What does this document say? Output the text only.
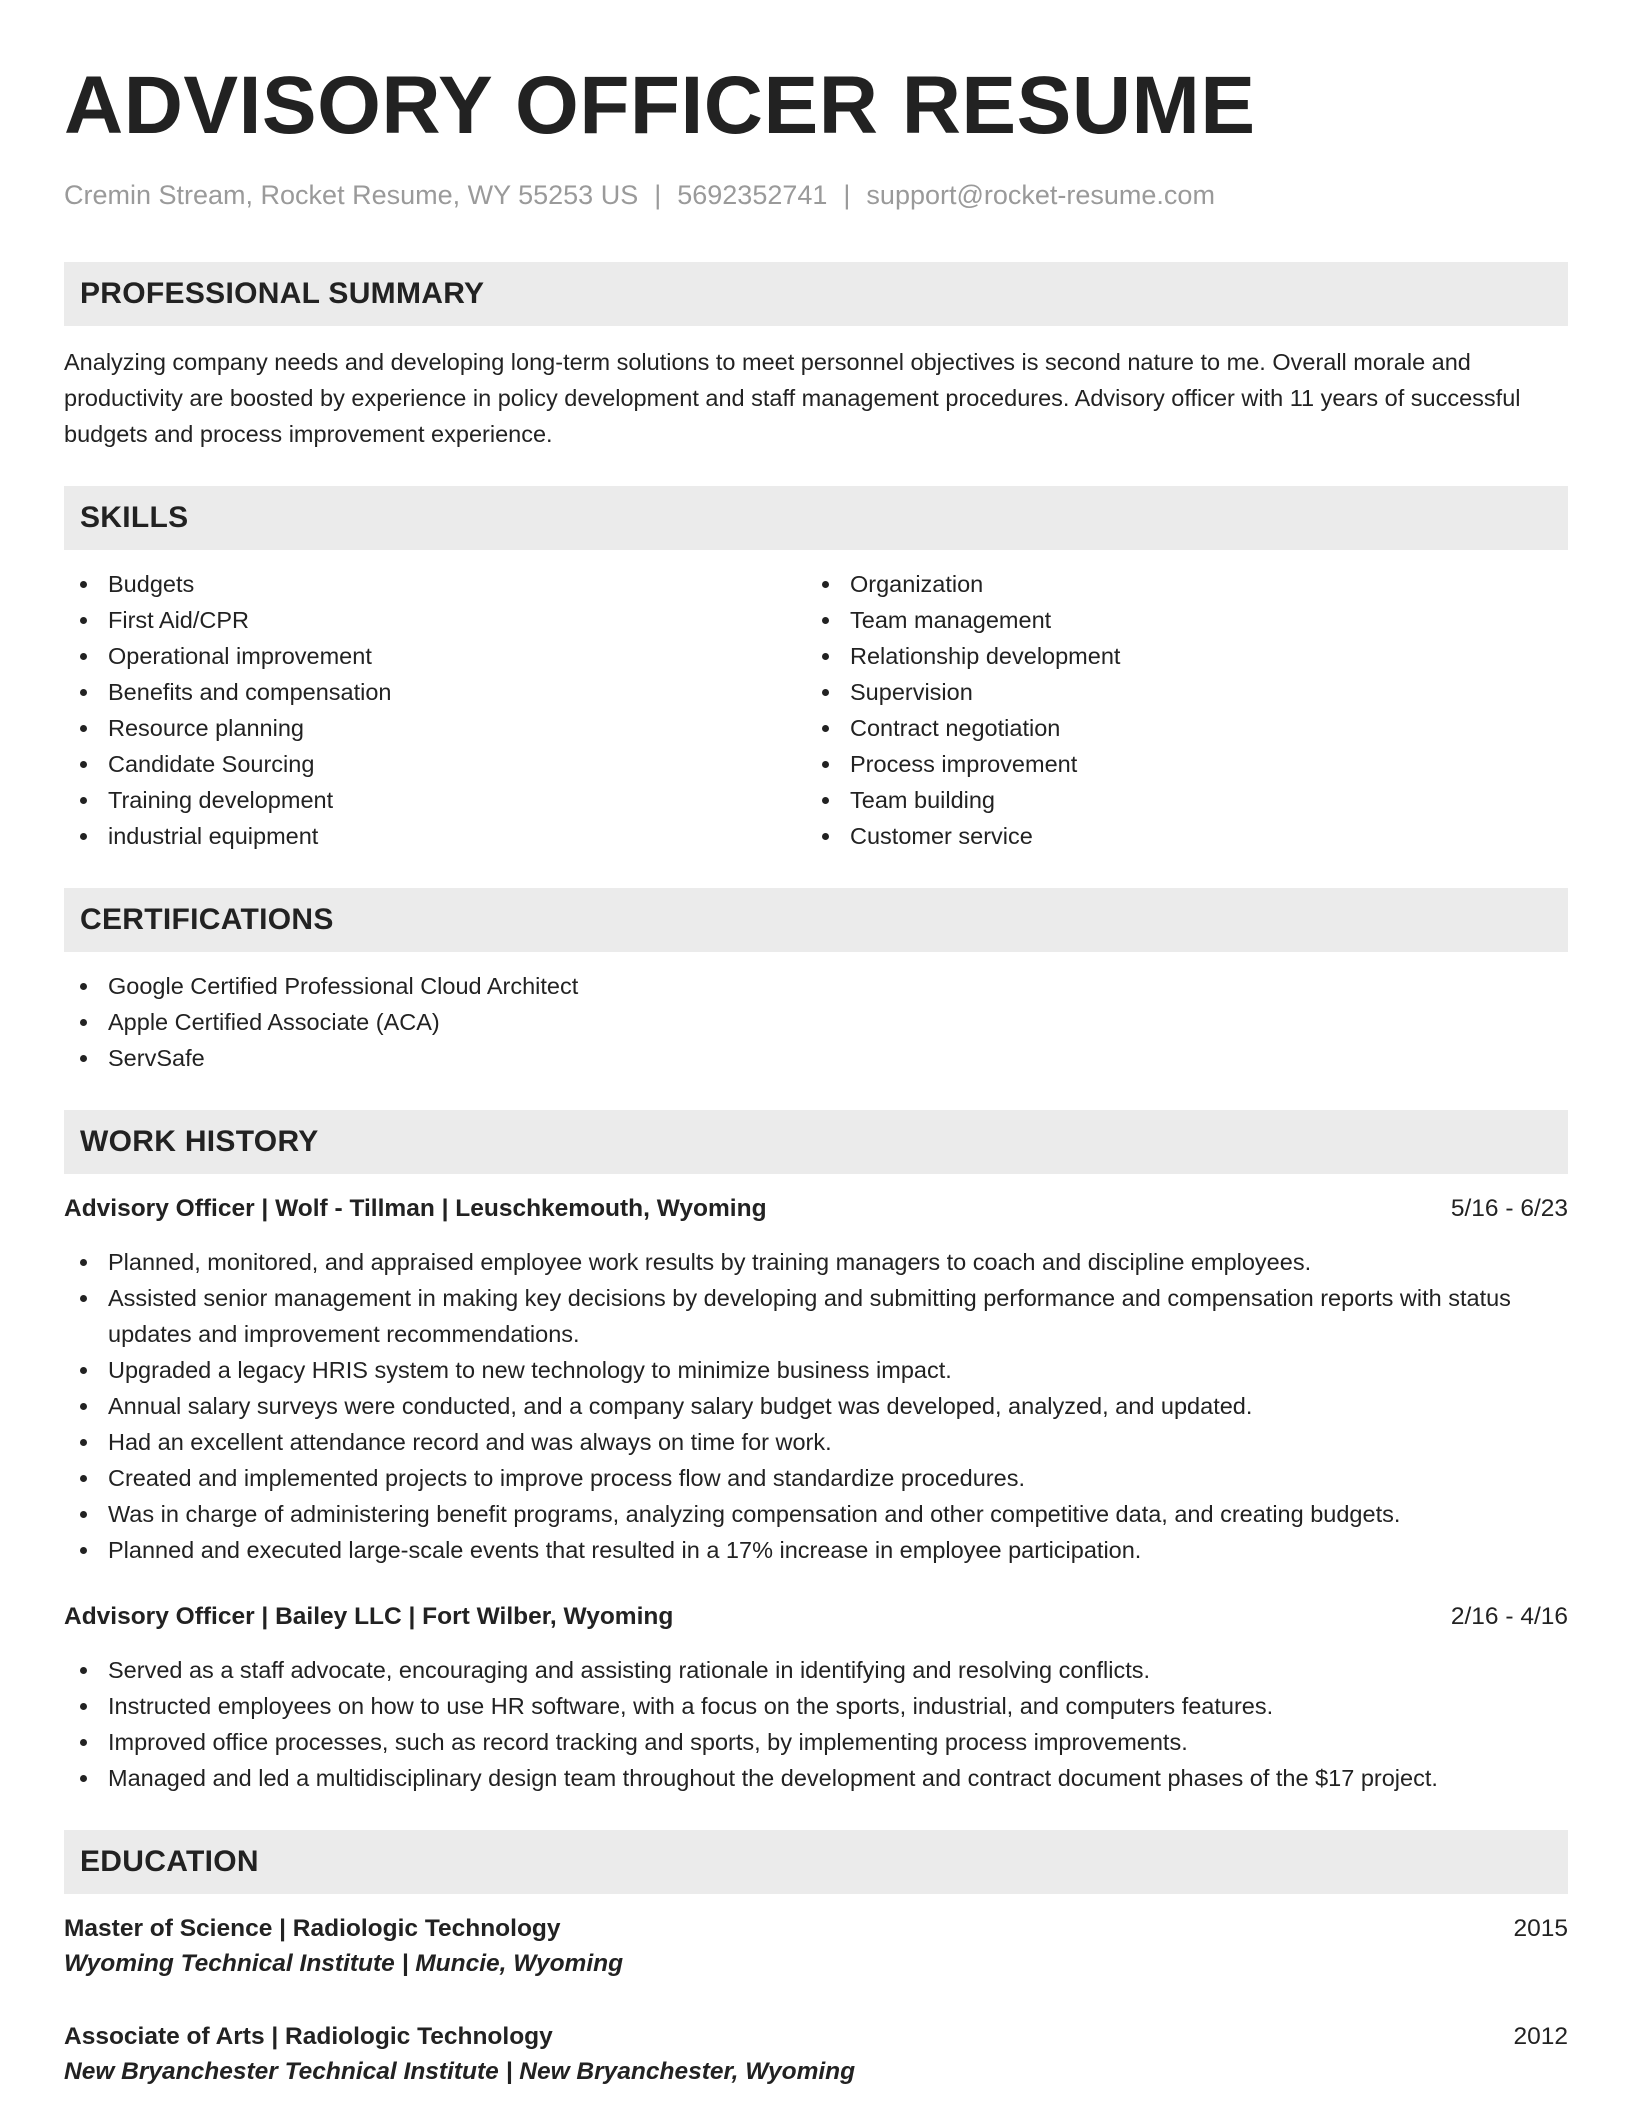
ADVISORY OFFICER RESUME
Cremin Stream, Rocket Resume, WY 55253 US | 5692352741 | support@rocket-resume.com
PROFESSIONAL SUMMARY
Analyzing company needs and developing long-term solutions to meet personnel objectives is second nature to me. Overall morale and productivity are boosted by experience in policy development and staff management procedures. Advisory officer with 11 years of successful budgets and process improvement experience.
SKILLS
Budgets
First Aid/CPR
Operational improvement
Benefits and compensation
Resource planning
Candidate Sourcing
Training development
industrial equipment
Organization
Team management
Relationship development
Supervision
Contract negotiation
Process improvement
Team building
Customer service
CERTIFICATIONS
Google Certified Professional Cloud Architect
Apple Certified Associate (ACA)
ServSafe
WORK HISTORY
Advisory Officer | Wolf - Tillman | Leuschkemouth, Wyoming	5/16 - 6/23
Planned, monitored, and appraised employee work results by training managers to coach and discipline employees.
Assisted senior management in making key decisions by developing and submitting performance and compensation reports with status updates and improvement recommendations.
Upgraded a legacy HRIS system to new technology to minimize business impact.
Annual salary surveys were conducted, and a company salary budget was developed, analyzed, and updated.
Had an excellent attendance record and was always on time for work.
Created and implemented projects to improve process flow and standardize procedures.
Was in charge of administering benefit programs, analyzing compensation and other competitive data, and creating budgets.
Planned and executed large-scale events that resulted in a 17% increase in employee participation.
Advisory Officer | Bailey LLC | Fort Wilber, Wyoming	2/16 - 4/16
Served as a staff advocate, encouraging and assisting rationale in identifying and resolving conflicts.
Instructed employees on how to use HR software, with a focus on the sports, industrial, and computers features.
Improved office processes, such as record tracking and sports, by implementing process improvements.
Managed and led a multidisciplinary design team throughout the development and contract document phases of the $17 project.
EDUCATION
Master of Science | Radiologic Technology	2015
Wyoming Technical Institute | Muncie, Wyoming
Associate of Arts | Radiologic Technology	2012
New Bryanchester Technical Institute | New Bryanchester, Wyoming
